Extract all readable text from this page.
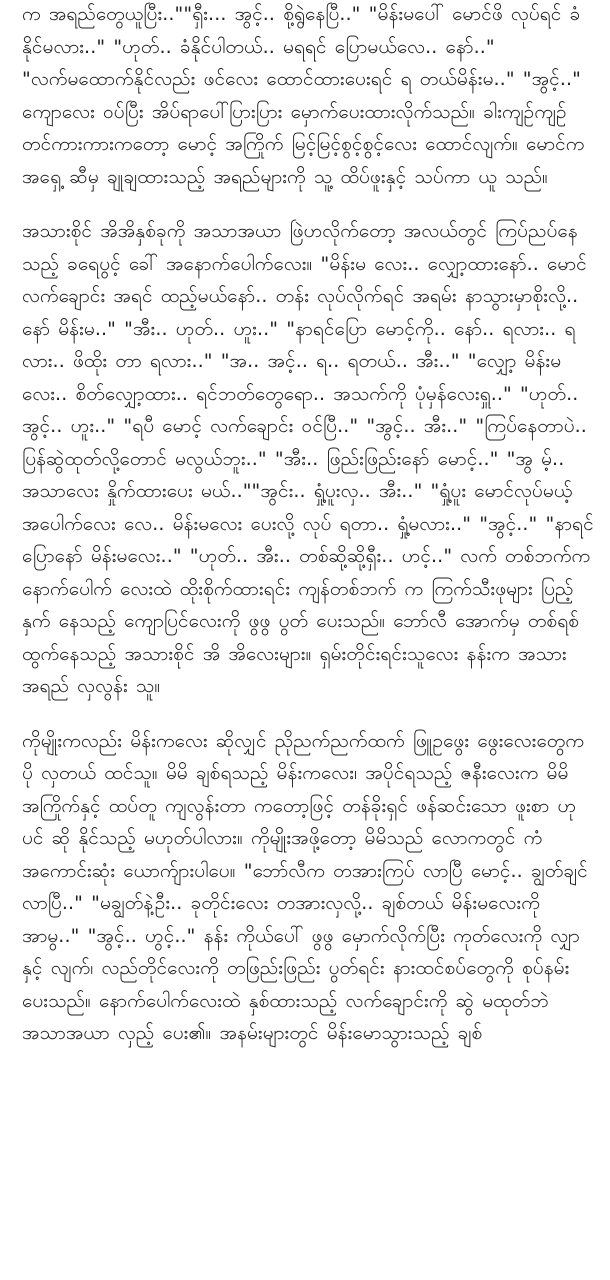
က အရည်တွေယူပြီး..""ရှီး... အွင့်.. စို့ရွဲနေပြီ.." "မိန်းမပေါ် မောင်ဖိ လုပ်ရင် ခံနိုင်မလား.." "ဟုတ်.. ခံနိုင်ပါတယ်.. မရရင် ပြောမယ်လေ.. နော်.." "လက်မထောက်နိုင်လည်း ဖင်လေး ထောင်ထားပေးရင် ရ တယ်မိန်းမ.." "အွင့်.." ကျောလေး ဝပ်ပြီး အိပ်ရာပေါ်ပြားပြား မှောက်ပေးထားလိုက်သည်။ ခါးကျဉ်ကျဉ် တင်ကားကားကတော့ မောင့် အကြိုက် မြင့်မြင့်စွင့်စွင့်လေး ထောင်လျက်။ မောင်က အရှေ့ ဆီမှ ချုချထားသည့် အရည်များကို သူ့ ထိပ်ဖူးနှင့် သပ်ကာ ယူ သည်။

အသားစိုင် အိအိနှစ်ခုကို အသာအယာ ဖြဲဟလိုက်တော့ အလယ်တွင် ကြပ်ညပ်နေသည့် ခရေပွင့် ခေါ် အနောက်ပေါက်လေး။ "မိန်းမ လေး.. လျှော့ထားနော်.. မောင် လက်ချောင်း အရင် ထည့်မယ်နော်.. တန်း လုပ်လိုက်ရင် အရမ်း နာသွားမှာစိုးလို့.. နော် မိန်းမ.." "အီး.. ဟုတ်.. ဟူး.." "နာရင်ပြော မောင့်ကို.. နော်.. ရလား.. ရလား.. ဖိထိုး တာ ရလား.." "အ.. အင့်.. ရ.. ရတယ်.. အီး.." "လျှော့ မိန်းမလေး.. စိတ်လျှော့ထား.. ရင်ဘတ်တွေရော.. အသက်ကို ပုံမှန်လေးရှူ.." "ဟုတ်.. အွင့်.. ဟူး.." "ရပီ မောင့် လက်ချောင်း ဝင်ပြီ.." "အွင့်.. အီး.." "ကြပ်နေတာပဲ.. ပြန်ဆွဲထုတ်လို့တောင် မလွယ်ဘူး.." "အီး.. ဖြည်းဖြည်းနော် မောင့်.." "အွ မ့်.. အသာလေး နှိုက်ထားပေး မယ်..""အွင်း.. ရှုံ့ပူးလှ.. အီး.." "ရှုံ့ပူး မောင်လုပ်မယ့် အပေါက်လေး လေ.. မိန်းမလေး ပေးလို့ လုပ် ရတာ.. ရှုံ့မလား.." "အွင့်.." "နာရင် ပြောနော် မိန်းမလေး.." "ဟုတ်.. အီး.. တစ်ဆို့ဆို့ရှီး.. ဟင့်.." လက် တစ်ဘက်က နောက်ပေါက် လေးထဲ ထိုးစိုက်ထားရင်း ကျန်တစ်ဘက် က ကြက်သီးဖုများ ပြည့်နှက် နေသည့် ကျောပြင်လေးကို ဖွဖွ ပွတ် ပေးသည်။ ဘော်လီ အောက်မှ တစ်ရစ်ထွက်နေသည့် အသားစိုင် အိ အိလေးများ။ ရှမ်းတိုင်းရင်းသူလေး နန်းက အသားအရည် လှလွန်း သူ။

ကိုမျိုးကလည်း မိန်းကလေး ဆိုလျှင် ညိုညက်ညက်ထက် ဖြူဥဖွေး ဖွေးလေးတွေက ပို လှတယ် ထင်သူ။ မိမိ ချစ်ရသည့် မိန်းကလေး၊ အပိုင်ရသည့် ဇနီးလေးက မိမိ အကြိုက်နှင့် ထပ်တူ ကျလွန်းတာ ကတော့ဖြင့် တန်ခိုးရှင် ဖန်ဆင်းသော ဖူးစာ ဟုပင် ဆို နိုင်သည့် မဟုတ်ပါလား။ ကိုမျိုးအဖို့တော့ မိမိသည် လောကတွင် ကံ အကောင်းဆုံး ယောက်ျားပါပေ။ "ဘော်လီက တအားကြပ် လာပြီ မောင့်.. ချွတ်ချင်လာပြီ.." "မချွတ်နဲ့ဦး.. ခုတိုင်းလေး တအားလှလို့.. ချစ်တယ် မိန်းမလေးကို အာမွ.." "အွင့်.. ဟွင့်.." နန်း ကိုယ်ပေါ် ဖွဖွ မှောက်လိုက်ပြီး ကုတ်လေးကို လျှာနှင့် လျက်၊ လည်တိုင်လေးကို တဖြည်းဖြည်း ပွတ်ရင်း နားထင်စပ်တွေကို စုပ်နမ်းပေးသည်။ နောက်ပေါက်လေးထဲ နှစ်ထားသည့် လက်ချောင်းကို ဆွဲ မထုတ်ဘဲ အသာအယာ လှည့် ပေး၏။ အနမ်းများတွင် မိန်းမောသွားသည့် ချစ်
